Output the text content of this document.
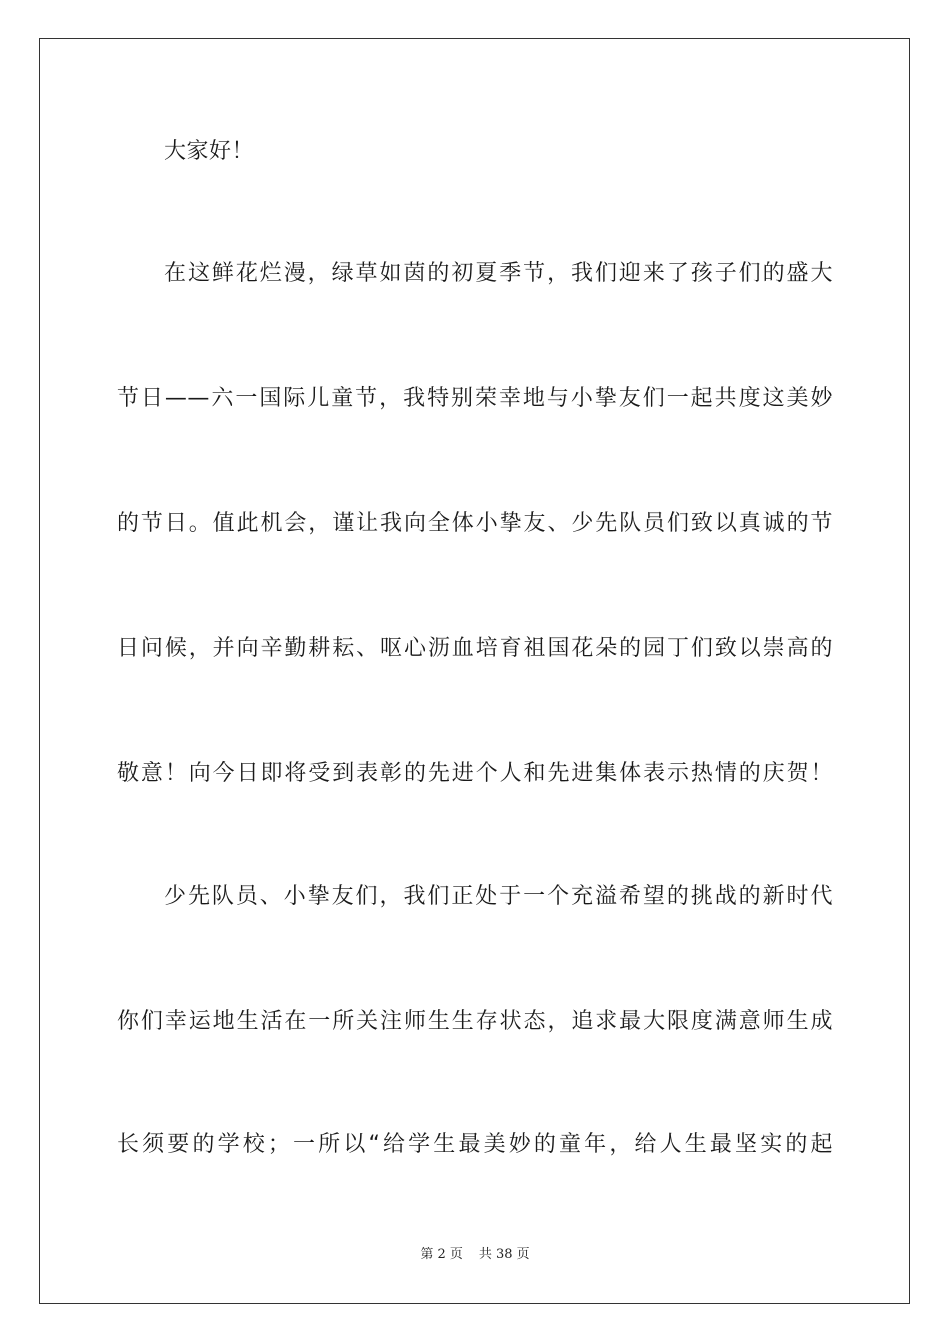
大家好！
在这鲜花烂漫，绿草如茵的初夏季节，我们迎来了孩子们的盛大
节日——六一国际儿童节，我特别荣幸地与小挚友们一起共度这美妙
的节日。值此机会，谨让我向全体小挚友、少先队员们致以真诚的节
日问候，并向辛勤耕耘、呕心沥血培育祖国花朵的园丁们致以崇高的
敬意！向今日即将受到表彰的先进个人和先进集体表示热情的庆贺！
少先队员、小挚友们，我们正处于一个充溢希望的挑战的新时代
你们幸运地生活在一所关注师生生存状态，追求最大限度满意师生成
长须要的学校；一所以“给学生最美妙的童年，给人生最坚实的起
第 2 页 共 38 页
